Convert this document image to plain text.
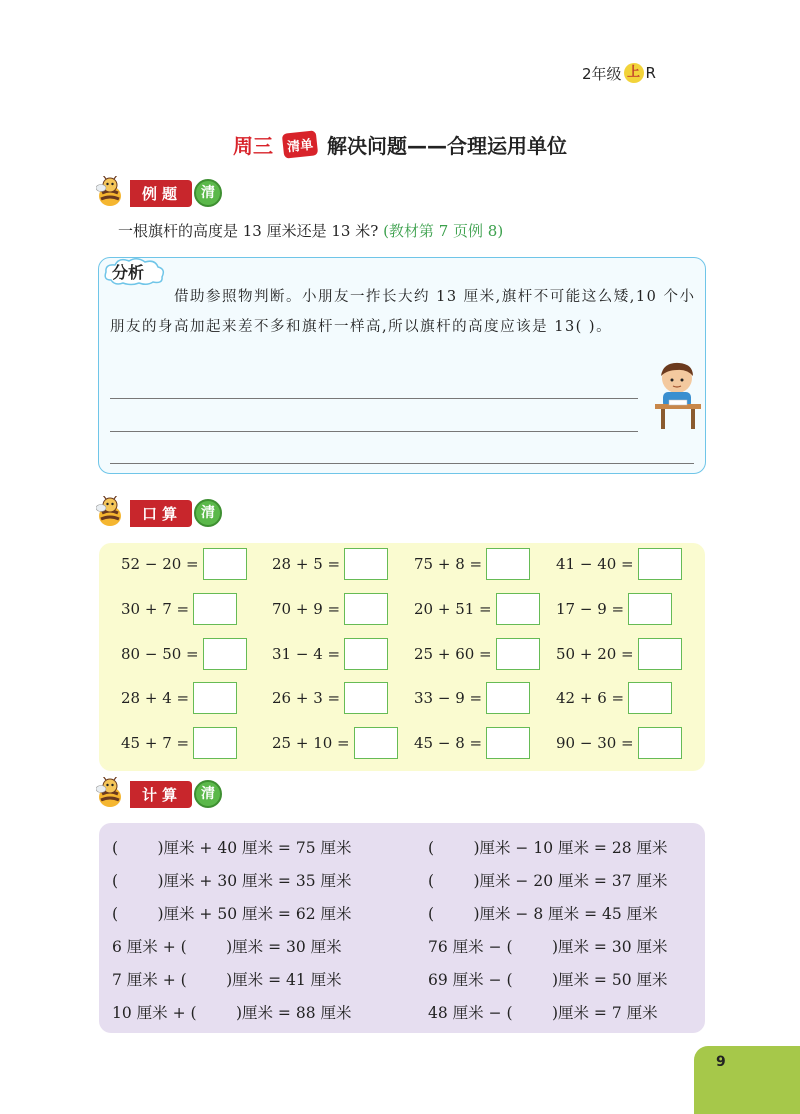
2年级 上 R
周三	清单 解决问题——合理运用单位
例题	清
一根旗杆的高度是 13 厘米还是 13 米? (教材第 7 页例 8)
分析
借助参照物判断。小朋友一拃长大约 13 厘米,旗杆不可能这么矮,10 个小朋友的身高加起来差不多和旗杆一样高,所以旗杆的高度应该是 13( )。
口算	清
52 − 20 =	28 + 5 =	75 + 8 =	41 − 40 =
30 + 7 =	70 + 9 =	20 + 51 =	17 − 9 =
80 − 50 =	31 − 4 =	25 + 60 =	50 + 20 =
28 + 4 =	26 + 3 =	33 − 9 =	42 + 6 =
45 + 7 =	25 + 10 =	45 − 8 =	90 − 30 =
计算	清
(        )厘米 + 40 厘米 = 75 厘米	(        )厘米 − 10 厘米 = 28 厘米
(        )厘米 + 30 厘米 = 35 厘米	(        )厘米 − 20 厘米 = 37 厘米
(        )厘米 + 50 厘米 = 62 厘米	(        )厘米 − 8 厘米 = 45 厘米
6 厘米 + (        )厘米 = 30 厘米	76 厘米 − (        )厘米 = 30 厘米
7 厘米 + (        )厘米 = 41 厘米	69 厘米 − (        )厘米 = 50 厘米
10 厘米 + (        )厘米 = 88 厘米	48 厘米 − (        )厘米 = 7 厘米
9
